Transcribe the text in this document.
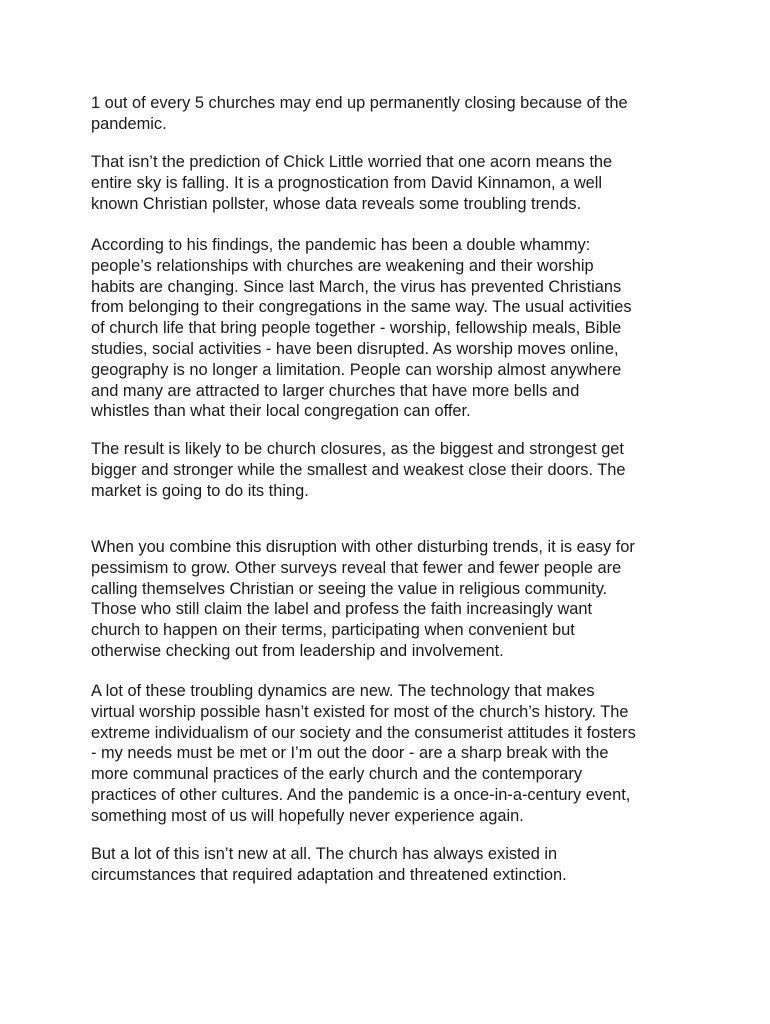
1 out of every 5 churches may end up permanently closing because of the
pandemic.

That isn’t the prediction of Chick Little worried that one acorn means the
entire sky is falling. It is a prognostication from David Kinnamon, a well
known Christian pollster, whose data reveals some troubling trends.

According to his findings, the pandemic has been a double whammy:
people’s relationships with churches are weakening and their worship
habits are changing. Since last March, the virus has prevented Christians
from belonging to their congregations in the same way. The usual activities
of church life that bring people together - worship, fellowship meals, Bible
studies, social activities - have been disrupted. As worship moves online,
geography is no longer a limitation. People can worship almost anywhere
and many are attracted to larger churches that have more bells and
whistles than what their local congregation can offer.

The result is likely to be church closures, as the biggest and strongest get
bigger and stronger while the smallest and weakest close their doors. The
market is going to do its thing.

When you combine this disruption with other disturbing trends, it is easy for
pessimism to grow. Other surveys reveal that fewer and fewer people are
calling themselves Christian or seeing the value in religious community.
Those who still claim the label and profess the faith increasingly want
church to happen on their terms, participating when convenient but
otherwise checking out from leadership and involvement.

A lot of these troubling dynamics are new. The technology that makes
virtual worship possible hasn’t existed for most of the church’s history. The
extreme individualism of our society and the consumerist attitudes it fosters
- my needs must be met or I’m out the door - are a sharp break with the
more communal practices of the early church and the contemporary
practices of other cultures. And the pandemic is a once-in-a-century event,
something most of us will hopefully never experience again.

But a lot of this isn’t new at all. The church has always existed in
circumstances that required adaptation and threatened extinction.
